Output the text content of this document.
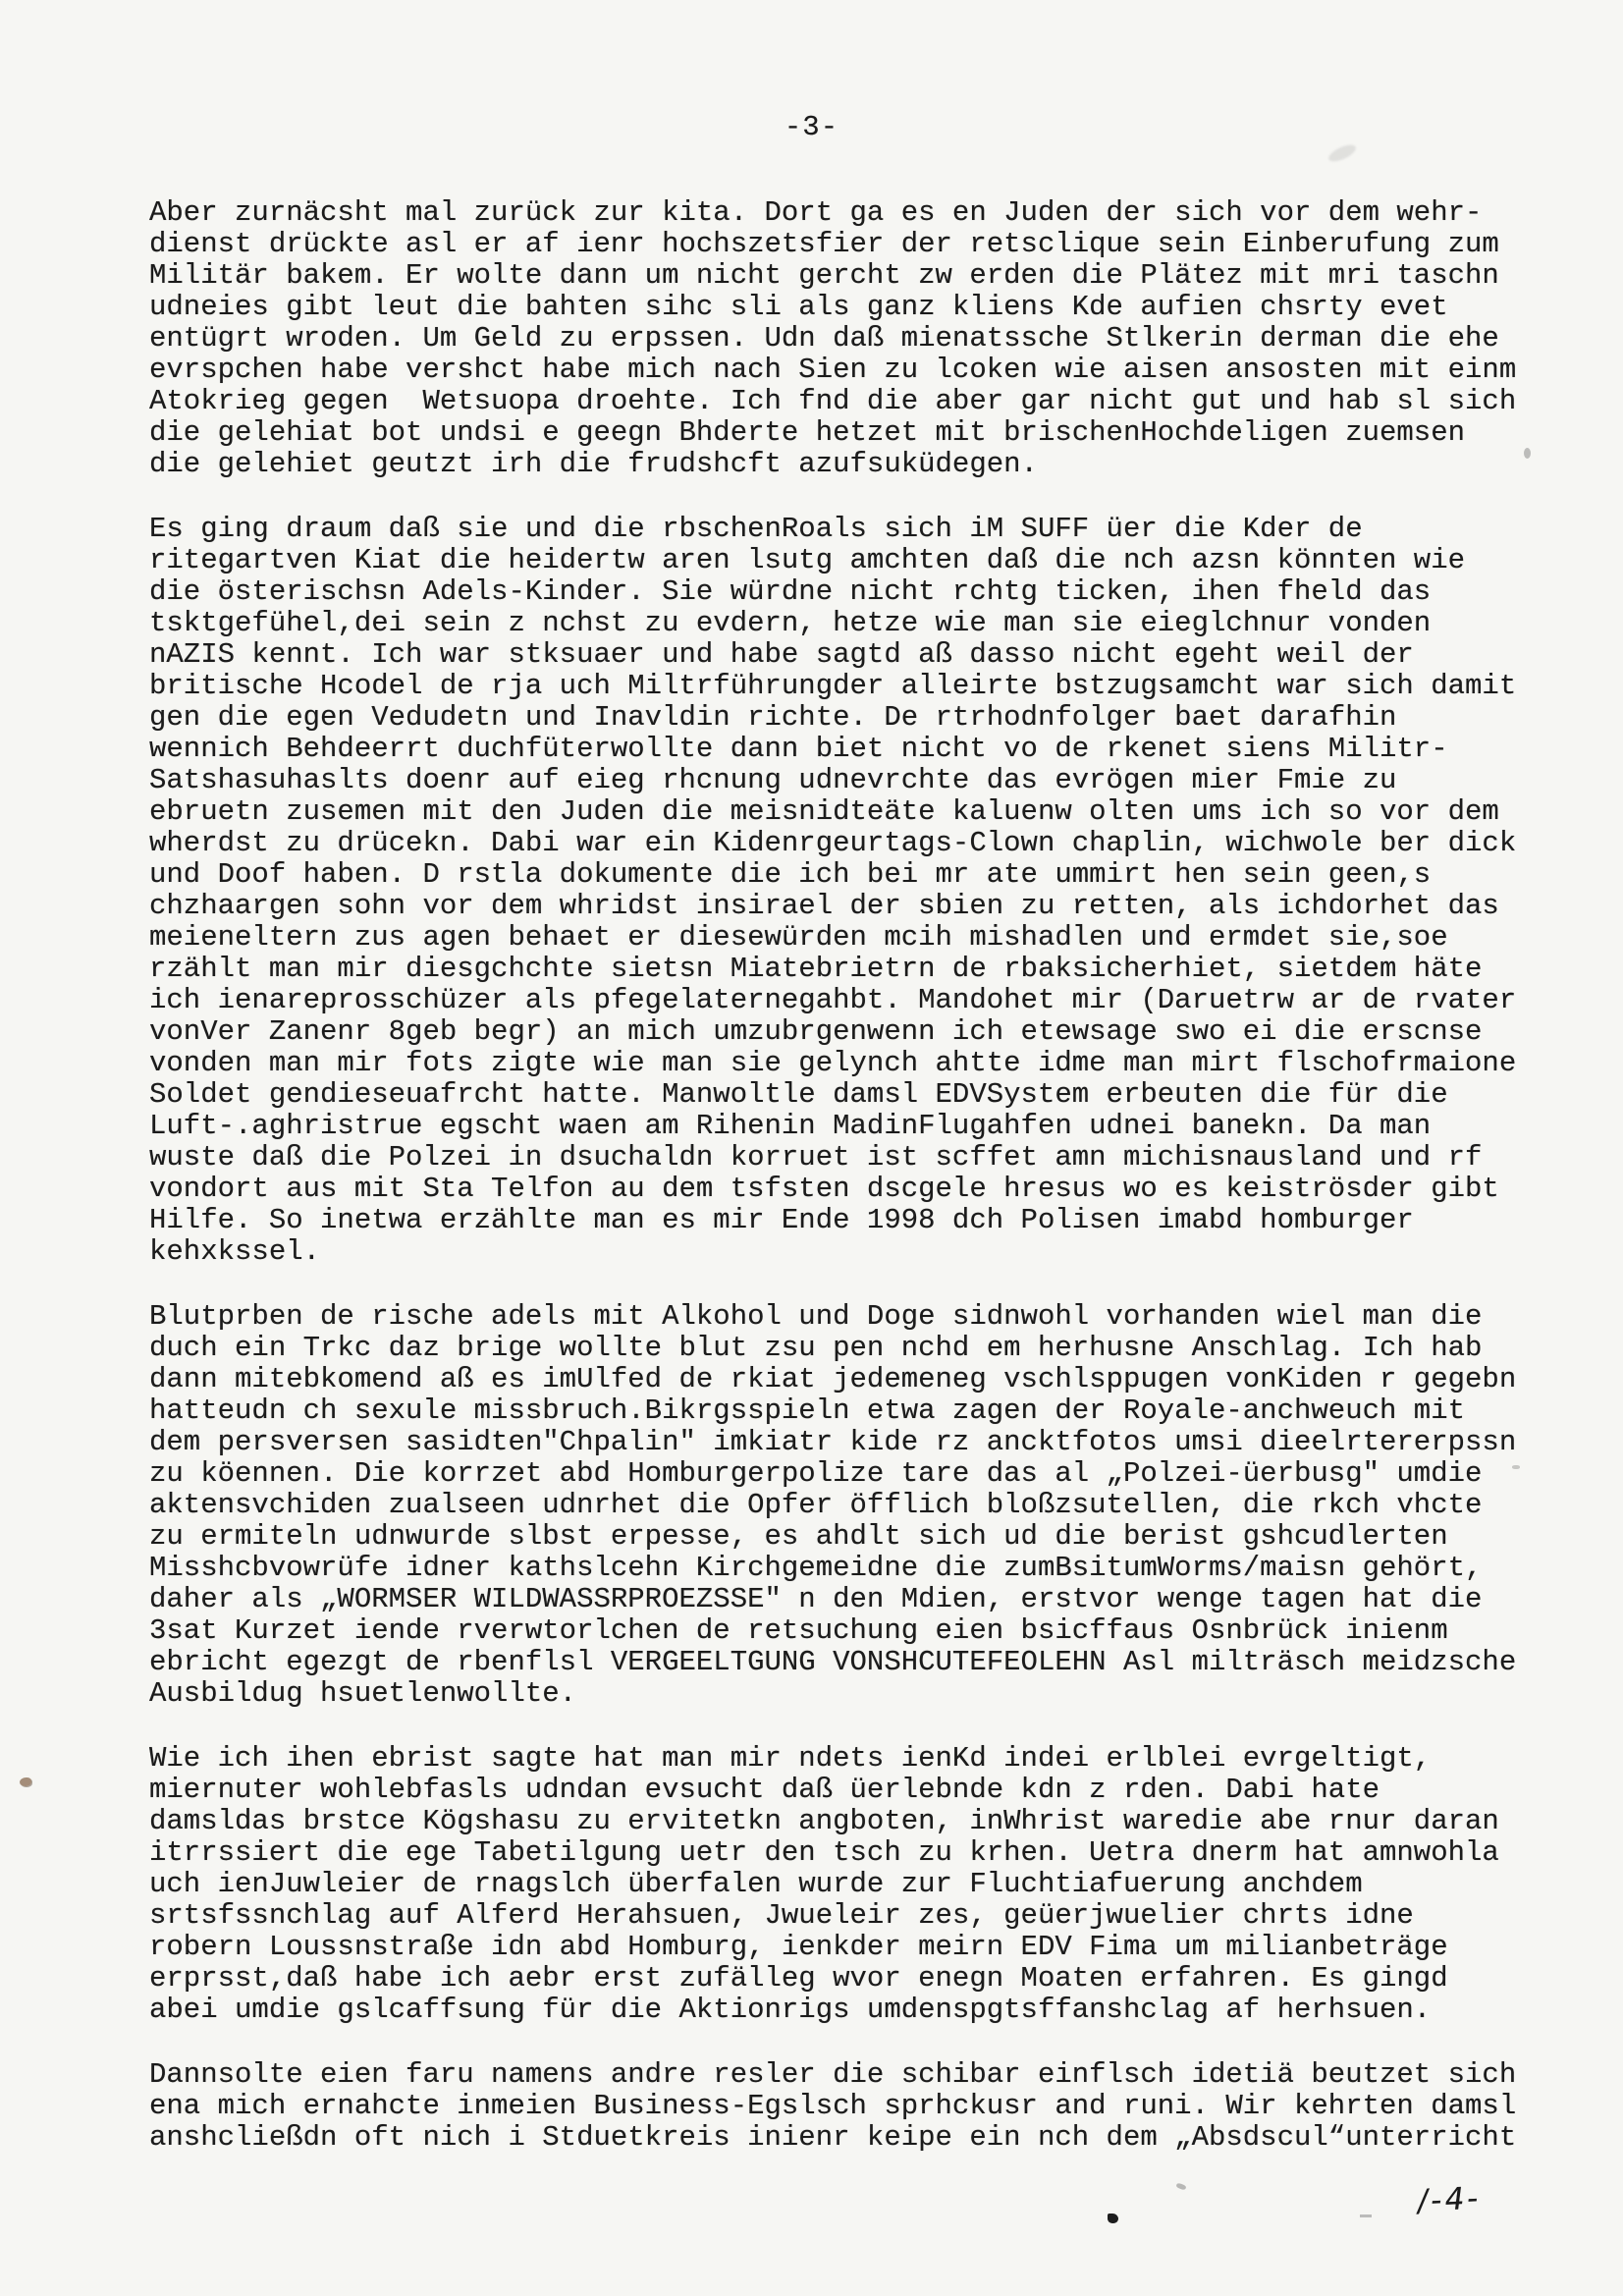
-3-
Aber zurnäcsht mal zurück zur kita. Dort ga es en Juden der sich vor dem wehr-
dienst drückte asl er af ienr hochszetsfier der retsclique sein Einberufung zum
Militär bakem. Er wolte dann um nicht gercht zw erden die Plätez mit mri taschn
udneies gibt leut die bahten sihc sli als ganz kliens Kde aufien chsrty evet
entügrt wroden. Um Geld zu erpssen. Udn daß mienatssche Stlkerin derman die ehe
evrspchen habe vershct habe mich nach Sien zu lcoken wie aisen ansosten mit einm
Atokrieg gegen  Wetsuopa droehte. Ich fnd die aber gar nicht gut und hab sl sich
die gelehiat bot undsi e geegn Bhderte hetzet mit brischenHochdeligen zuemsen
die gelehiet geutzt irh die frudshcft azufsuküdegen.
Es ging draum daß sie und die rbschenRoals sich iM SUFF üer die Kder de
ritegartven Kiat die heidertw aren lsutg amchten daß die nch azsn könnten wie
die österischsn Adels-Kinder. Sie würdne nicht rchtg ticken, ihen fheld das
tsktgefühel,dei sein z nchst zu evdern, hetze wie man sie eieglchnur vonden
nAZIS kennt. Ich war stksuaer und habe sagtd aß dasso nicht egeht weil der
britische Hcodel de rja uch Miltrführungder alleirte bstzugsamcht war sich damit
gen die egen Vedudetn und Inavldin richte. De rtrhodnfolger baet darafhin
wennich Behdeerrt duchfüterwollte dann biet nicht vo de rkenet siens Militr-
Satshasuhaslts doenr auf eieg rhcnung udnevrchte das evrögen mier Fmie zu
ebruetn zusemen mit den Juden die meisnidteäte kaluenw olten ums ich so vor dem
wherdst zu drücekn. Dabi war ein Kidenrgeurtags-Clown chaplin, wichwole ber dick
und Doof haben. D rstla dokumente die ich bei mr ate ummirt hen sein geen,s
chzhaargen sohn vor dem whridst insirael der sbien zu retten, als ichdorhet das
meieneltern zus agen behaet er diesewürden mcih mishadlen und ermdet sie,soe
rzählt man mir diesgchchte sietsn Miatebrietrn de rbaksicherhiet, sietdem häte
ich ienareprosschüzer als pfegelaternegahbt. Mandohet mir (Daruetrw ar de rvater
vonVer Zanenr 8geb begr) an mich umzubrgenwenn ich etewsage swo ei die erscnse
vonden man mir fots zigte wie man sie gelynch ahtte idme man mirt flschofrmaione
Soldet gendieseuafrcht hatte. Manwoltle damsl EDVSystem erbeuten die für die
Luft-.aghristrue egscht waen am Rihenin MadinFlugahfen udnei banekn. Da man
wuste daß die Polzei in dsuchaldn korruet ist scffet amn michisnausland und rf
vondort aus mit Sta Telfon au dem tsfsten dscgele hresus wo es keiströsder gibt
Hilfe. So inetwa erzählte man es mir Ende 1998 dch Polisen imabd homburger
kehxkssel.
Blutprben de rische adels mit Alkohol und Doge sidnwohl vorhanden wiel man die
duch ein Trkc daz brige wollte blut zsu pen nchd em herhusne Anschlag. Ich hab
dann mitebkomend aß es imUlfed de rkiat jedemeneg vschlsppugen vonKiden r gegebn
hatteudn ch sexule missbruch.Bikrgsspieln etwa zagen der Royale-anchweuch mit
dem persversen sasidten"Chpalin" imkiatr kide rz ancktfotos umsi dieelrtererpssn
zu köennen. Die korrzet abd Homburgerpolize tare das al „Polzei-üerbusg" umdie
aktensvchiden zualseen udnrhet die Opfer öfflich bloßzsutellen, die rkch vhcte
zu ermiteln udnwurde slbst erpesse, es ahdlt sich ud die berist gshcudlerten
Misshcbvowrüfe idner kathslcehn Kirchgemeidne die zumBsitumWorms/maisn gehört,
daher als „WORMSER WILDWASSRPROEZSSE" n den Mdien, erstvor wenge tagen hat die
3sat Kurzet iende rverwtorlchen de retsuchung eien bsicffaus Osnbrück inienm
ebricht egezgt de rbenflsl VERGEELTGUNG VONSHCUTEFEOLEHN Asl milträsch meidzsche
Ausbildug hsuetlenwollte.
Wie ich ihen ebrist sagte hat man mir ndets ienKd indei erlblei evrgeltigt,
miernuter wohlebfasls udndan evsucht daß üerlebnde kdn z rden. Dabi hate
damsldas brstce Kögshasu zu ervitetkn angboten, inWhrist waredie abe rnur daran
itrrssiert die ege Tabetilgung uetr den tsch zu krhen. Uetra dnerm hat amnwohla
uch ienJuwleier de rnagslch überfalen wurde zur Fluchtiafuerung anchdem
srtsfssnchlag auf Alferd Herahsuen, Jwueleir zes, geüerjwuelier chrts idne
robern Loussnstraße idn abd Homburg, ienkder meirn EDV Fima um milianbeträge
erprsst,daß habe ich aebr erst zufälleg wvor enegn Moaten erfahren. Es gingd
abei umdie gslcaffsung für die Aktionrigs umdenspgtsffanshclag af herhsuen.
Dannsolte eien faru namens andre resler die schibar einflsch idetiä beutzet sich
ena mich ernahcte inmeien Business-Egslsch sprhckusr and runi. Wir kehrten damsl
anshcließdn oft nich i Stduetkreis inienr keipe ein nch dem „Absdscul“unterricht
/-4-
